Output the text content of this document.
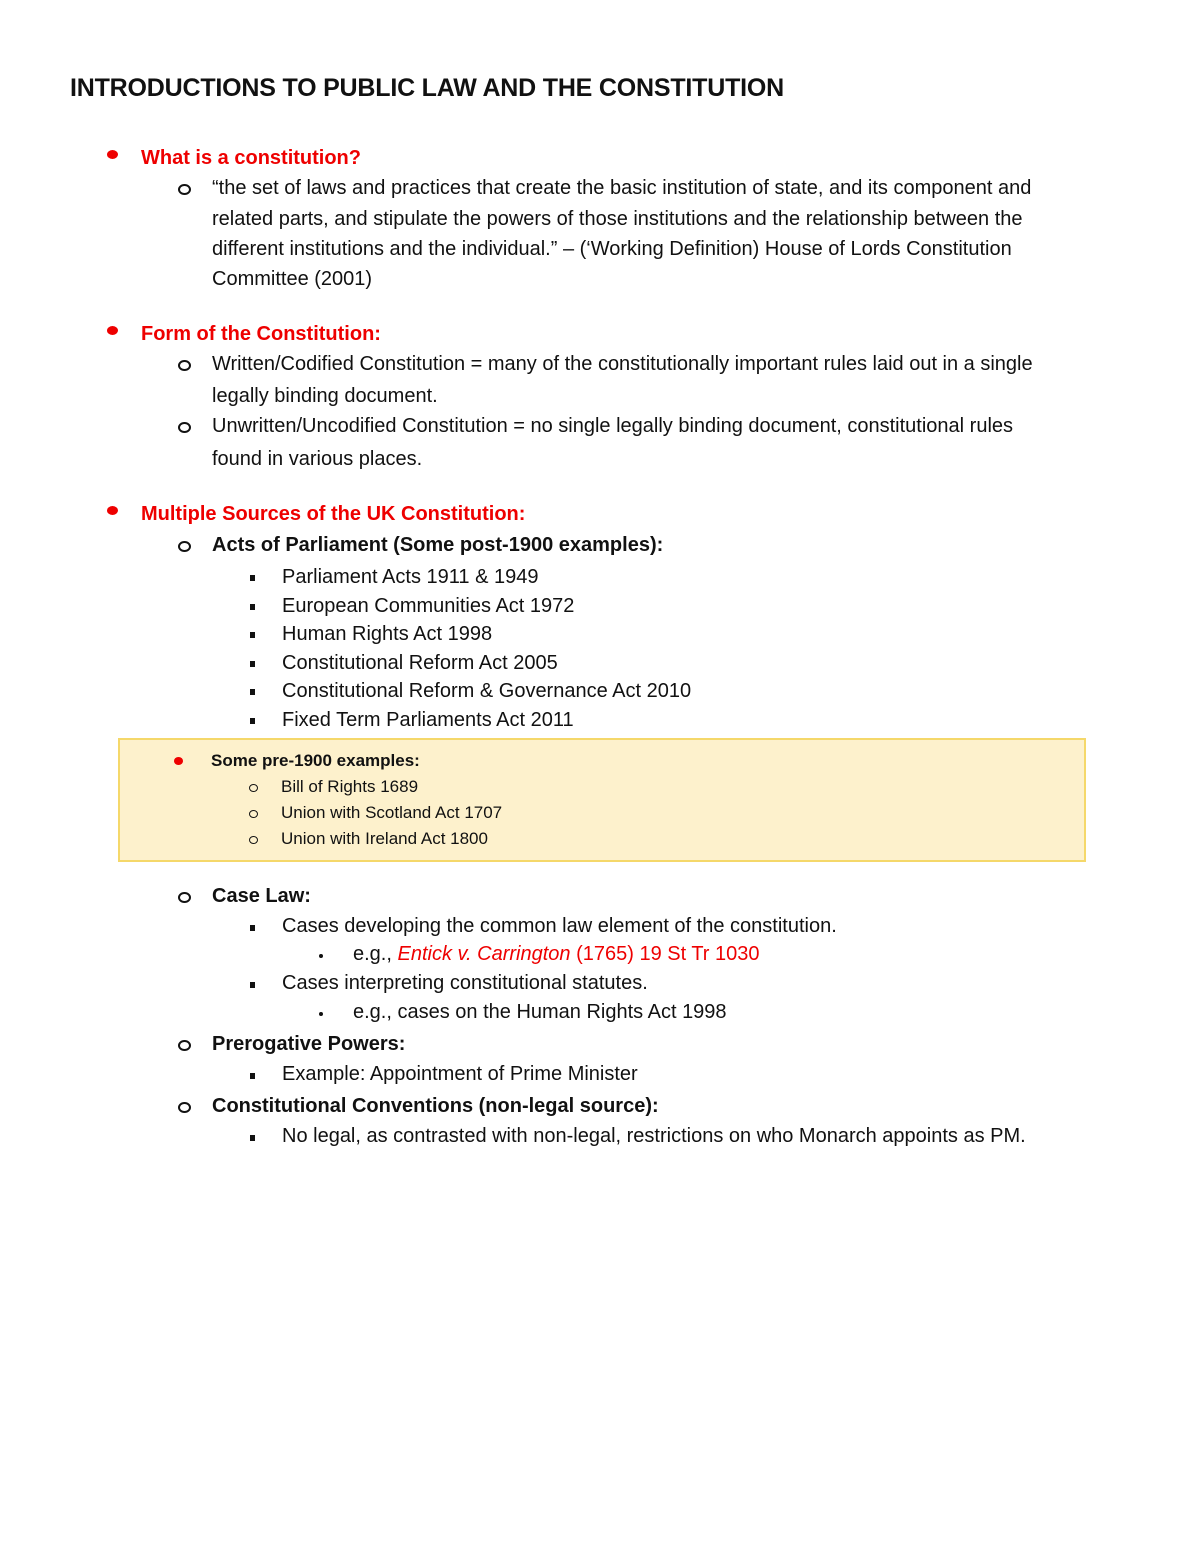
INTRODUCTIONS TO PUBLIC LAW AND THE CONSTITUTION
What is a constitution?
“the set of laws and practices that create the basic institution of state, and its component and
related parts, and stipulate the powers of those institutions and the relationship between the
different institutions and the individual.” – (‘Working Definition) House of Lords Constitution
Committee (2001)
Form of the Constitution:
Written/Codified Constitution = many of the constitutionally important rules laid out in a single
legally binding document.
Unwritten/Uncodified Constitution = no single legally binding document, constitutional rules
found in various places.
Multiple Sources of the UK Constitution:
Acts of Parliament (Some post-1900 examples):
Parliament Acts 1911 & 1949
European Communities Act 1972
Human Rights Act 1998
Constitutional Reform Act 2005
Constitutional Reform & Governance Act 2010
Fixed Term Parliaments Act 2011
Some pre-1900 examples:
Bill of Rights 1689
Union with Scotland Act 1707
Union with Ireland Act 1800
Case Law:
Cases developing the common law element of the constitution.
e.g., Entick v. Carrington (1765) 19 St Tr 1030
Cases interpreting constitutional statutes.
e.g., cases on the Human Rights Act 1998
Prerogative Powers:
Example: Appointment of Prime Minister
Constitutional Conventions (non-legal source):
No legal, as contrasted with non-legal, restrictions on who Monarch appoints as PM.
